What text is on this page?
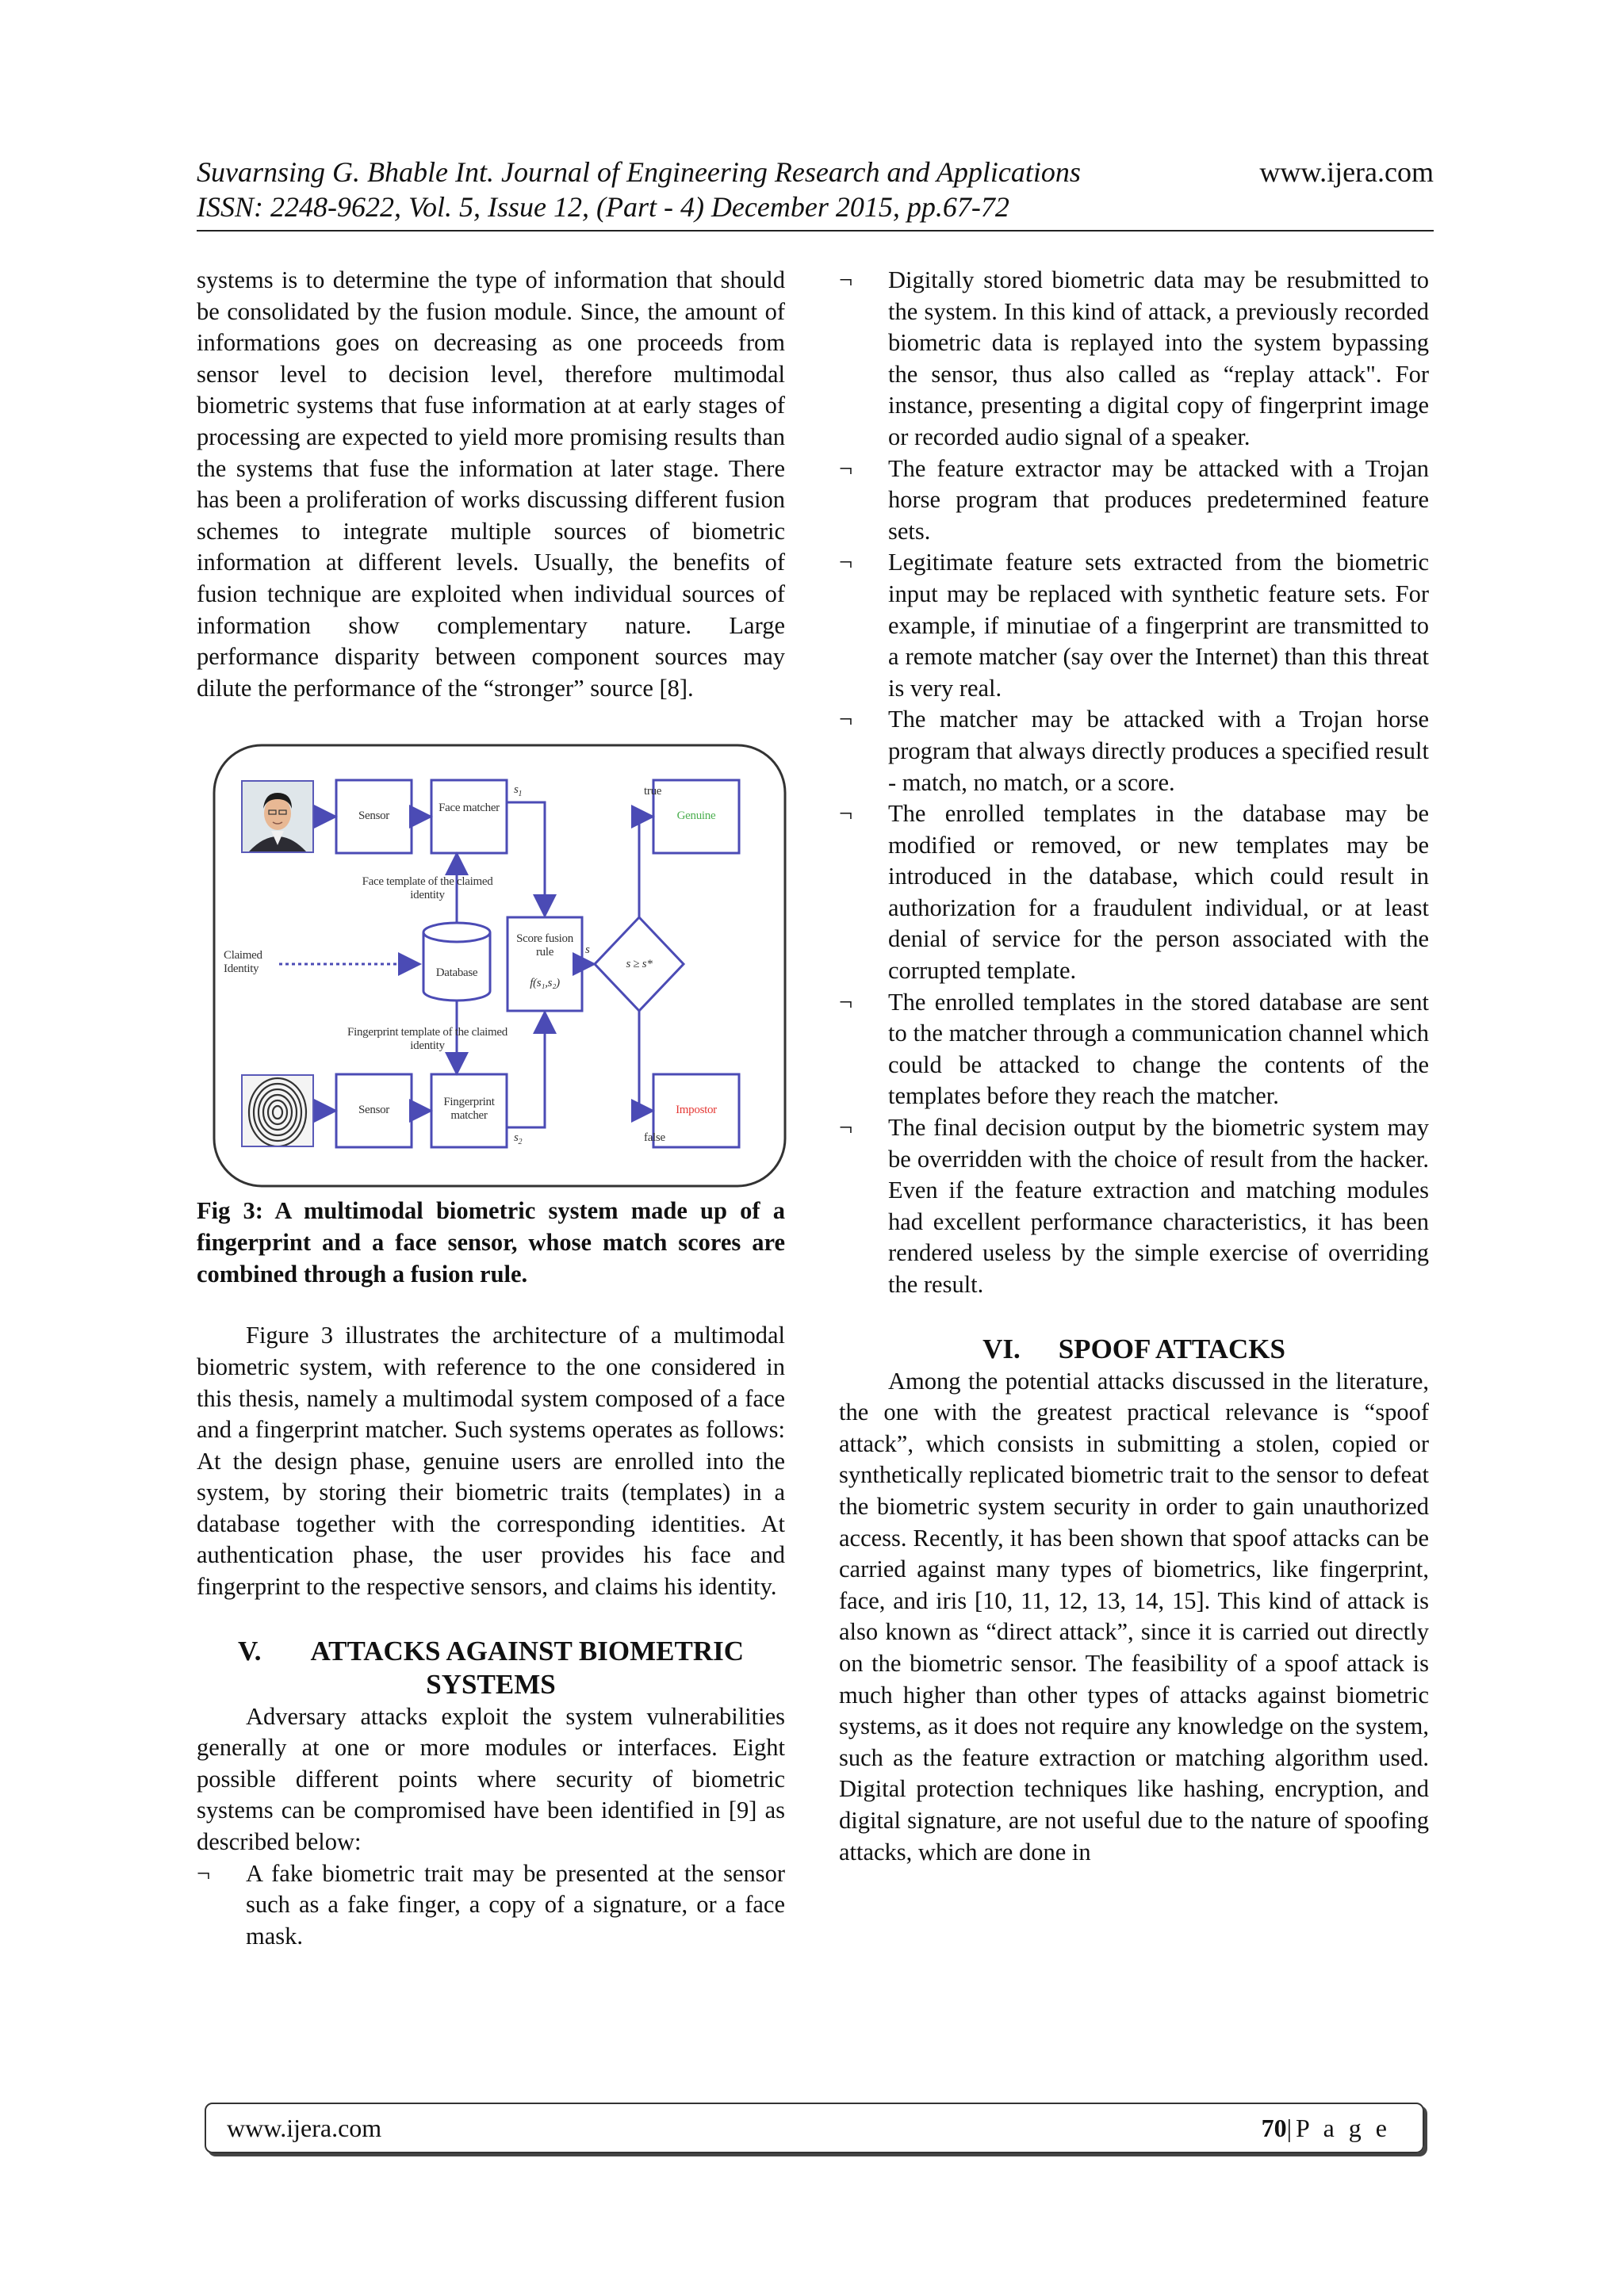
Suvarnsing G. Bhable Int. Journal of Engineering Research and Applications	www.ijera.com
ISSN: 2248-9622, Vol. 5, Issue 12, (Part - 4) December 2015, pp.67-72

systems is to determine the type of information that should be consolidated by the fusion module. Since, the amount of informations goes on decreasing as one proceeds from sensor level to decision level, therefore multimodal biometric systems that fuse information at at early stages of processing are expected to yield more promising results than the systems that fuse the information at later stage. There has been a proliferation of works discussing different fusion schemes to integrate multiple sources of biometric information at different levels. Usually, the benefits of fusion technique are exploited when individual sources of information show complementary nature. Large performance disparity between component sources may dilute the performance of the “stronger” source [8].

Sensor
Face matcher
$s_1$
Face template of the claimed identity
Claimed Identity	Database
Score fusion rule
f(s₁,s₂)
s
s ≥ s*
true
Genuine
Fingerprint template of the claimed identity
Sensor
Fingerprint matcher
$s_2$	false
Impostor

Fig 3: A multimodal biometric system made up of a fingerprint and a face sensor, whose match scores are combined through a fusion rule.

Figure 3 illustrates the architecture of a multimodal biometric system, with reference to the one considered in this thesis, namely a multimodal system composed of a face and a fingerprint matcher. Such systems operates as follows: At the design phase, genuine users are enrolled into the system, by storing their biometric traits (templates) in a database together with the corresponding identities. At authentication phase, the user provides his face and fingerprint to the respective sensors, and claims his identity.

V. ATTACKS AGAINST BIOMETRIC
SYSTEMS

Adversary attacks exploit the system vulnerabilities generally at one or more modules or interfaces. Eight possible different points where security of biometric systems can be compromised have been identified in [9] as described below:

¬ A fake biometric trait may be presented at the sensor such as a fake finger, a copy of a signature, or a face mask.
¬ Digitally stored biometric data may be resubmitted to the system. In this kind of attack, a previously recorded biometric data is replayed into the system bypassing the sensor, thus also called as “replay attack". For instance, presenting a digital copy of fingerprint image or recorded audio signal of a speaker.
¬ The feature extractor may be attacked with a Trojan horse program that produces predetermined feature sets.
¬ Legitimate feature sets extracted from the biometric input may be replaced with synthetic feature sets. For example, if minutiae of a fingerprint are transmitted to a remote matcher (say over the Internet) than this threat is very real.
¬ The matcher may be attacked with a Trojan horse program that always directly produces a specified result - match, no match, or a score.
¬ The enrolled templates in the database may be modified or removed, or new templates may be introduced in the database, which could result in authorization for a fraudulent individual, or at least denial of service for the person associated with the corrupted template.
¬ The enrolled templates in the stored database are sent to the matcher through a communication channel which could be attacked to change the contents of the templates before they reach the matcher.
¬ The final decision output by the biometric system may be overridden with the choice of result from the hacker. Even if the feature extraction and matching modules had excellent performance characteristics, it has been rendered useless by the simple exercise of overriding the result.
VI. SPOOF ATTACKS

Among the potential attacks discussed in the literature, the one with the greatest practical relevance is “spoof attack”, which consists in submitting a stolen, copied or synthetically replicated biometric trait to the sensor to defeat the biometric system security in order to gain unauthorized access. Recently, it has been shown that spoof attacks can be carried against many types of biometrics, like fingerprint, face, and iris [10, 11, 12, 13, 14, 15]. This kind of attack is also known as “direct attack”, since it is carried out directly on the biometric sensor. The feasibility of a spoof attack is much higher than other types of attacks against biometric systems, as it does not require any knowledge on the system, such as the feature extraction or matching algorithm used. Digital protection techniques like hashing, encryption, and digital signature, are not useful due to the nature of spoofing attacks, which are done in

www.ijera.com	70|P a g e
